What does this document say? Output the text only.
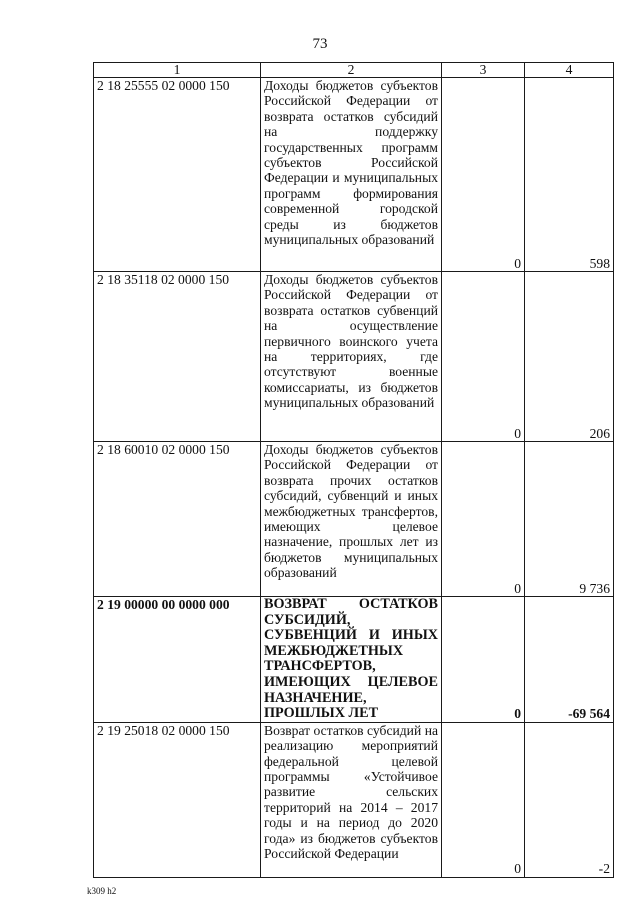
73
1	2	3	4
2 18 25555 02 0000 150	Доходы бюджетов субъектов Российской Федерации от возврата остатков субсидий на поддержку государственных программ субъектов Российской Федерации и муниципальных программ формирования современной городской среды из бюджетов муниципальных образований	0	598
2 18 35118 02 0000 150	Доходы бюджетов субъектов Российской Федерации от возврата остатков субвенций на осуществление первичного воинского учета на территориях, где отсутствуют военные комиссариаты, из бюджетов муниципальных образований	0	206
2 18 60010 02 0000 150	Доходы бюджетов субъектов Российской Федерации от возврата прочих остатков субсидий, субвенций и иных межбюджетных трансфертов, имеющих целевое назначение, прошлых лет из бюджетов муниципальных образований	0	9 736
2 19 00000 00 0000 000	ВОЗВРАТ ОСТАТКОВ СУБСИДИЙ, СУБВЕНЦИЙ И ИНЫХ МЕЖБЮДЖЕТНЫХ ТРАНСФЕРТОВ, ИМЕЮЩИХ ЦЕЛЕВОЕ НАЗНАЧЕНИЕ, ПРОШЛЫХ ЛЕТ	0	-69 564
2 19 25018 02 0000 150	Возврат остатков субсидий на реализацию мероприятий федеральной целевой программы «Устойчивое развитие сельских территорий на 2014 – 2017 годы и на период до 2020 года» из бюджетов субъектов Российской Федерации	0	-2
k309 h2
